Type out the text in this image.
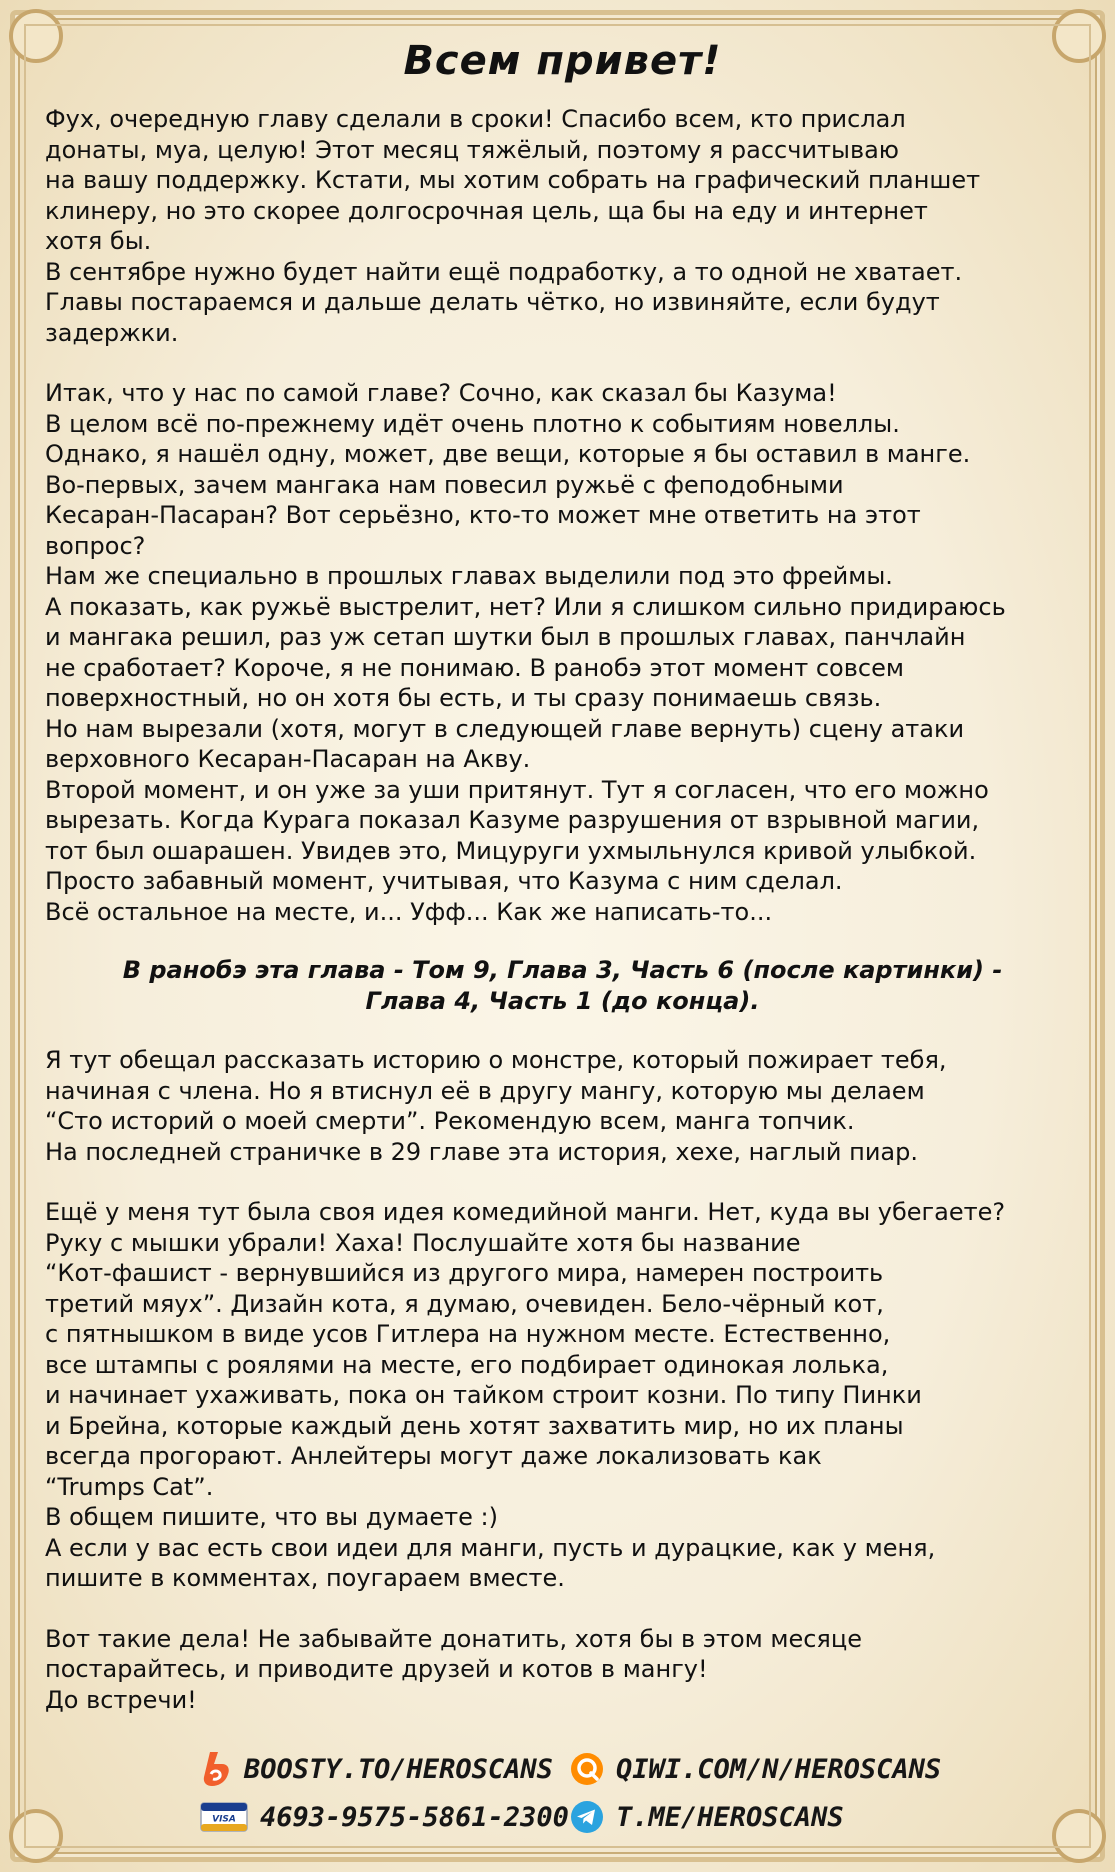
Всем привет!
Фух, очередную главу сделали в сроки! Спасибо всем, кто прислал
донаты, муа, целую! Этот месяц тяжёлый, поэтому я рассчитываю
на вашу поддержку. Кстати, мы хотим собрать на графический планшет
клинеру, но это скорее долгосрочная цель, ща бы на еду и интернет
хотя бы.
В сентябре нужно будет найти ещё подработку, а то одной не хватает.
Главы постараемся и дальше делать чётко, но извиняйте, если будут
задержки.
Итак, что у нас по самой главе? Сочно, как сказал бы Казума!
В целом всё по-прежнему идёт очень плотно к событиям новеллы.
Однако, я нашёл одну, может, две вещи, которые я бы оставил в манге.
Во-первых, зачем мангака нам повесил ружьё с феподобными
Кесаран-Пасаран? Вот серьёзно, кто-то может мне ответить на этот
вопрос?
Нам же специально в прошлых главах выделили под это фреймы.
А показать, как ружьё выстрелит, нет? Или я слишком сильно придираюсь
и мангака решил, раз уж сетап шутки был в прошлых главах, панчлайн
не сработает? Короче, я не понимаю. В ранобэ этот момент совсем
поверхностный, но он хотя бы есть, и ты сразу понимаешь связь.
Но нам вырезали (хотя, могут в следующей главе вернуть) сцену атаки
верховного Кесаран-Пасаран на Акву.
Второй момент, и он уже за уши притянут. Тут я согласен, что его можно
вырезать. Когда Курага показал Казуме разрушения от взрывной магии,
тот был ошарашен. Увидев это, Мицуруги ухмыльнулся кривой улыбкой.
Просто забавный момент, учитывая, что Казума с ним сделал.
Всё остальное на месте, и... Уфф... Как же написать-то...
В ранобэ эта глава - Том 9, Глава 3, Часть 6 (после картинки) -
Глава 4, Часть 1 (до конца).
Я тут обещал рассказать историю о монстре, который пожирает тебя,
начиная с члена. Но я втиснул её в другу мангу, которую мы делаем
“Сто историй о моей смерти”. Рекомендую всем, манга топчик.
На последней страничке в 29 главе эта история, хехе, наглый пиар.
Ещё у меня тут была своя идея комедийной манги. Нет, куда вы убегаете?
Руку с мышки убрали! Хаха! Послушайте хотя бы название
“Кот-фашист - вернувшийся из другого мира, намерен построить
третий мяух”. Дизайн кота, я думаю, очевиден. Бело-чёрный кот,
с пятнышком в виде усов Гитлера на нужном месте. Естественно,
все штампы с роялями на месте, его подбирает одинокая лолька,
и начинает ухаживать, пока он тайком строит козни. По типу Пинки
и Брейна, которые каждый день хотят захватить мир, но их планы
всегда прогорают. Анлейтеры могут даже локализовать как
“Trumps Cat”.
В общем пишите, что вы думаете :)
А если у вас есть свои идеи для манги, пусть и дурацкие, как у меня,
пишите в комментах, поугараем вместе.
Вот такие дела! Не забывайте донатить, хотя бы в этом месяце
постарайтесь, и приводите друзей и котов в мангу!
До встречи!
BOOSTY.TO/HEROSCANS QIWI.COM/N/HEROSCANS
VISA 4693-9575-5861-2300 T.ME/HEROSCANS
